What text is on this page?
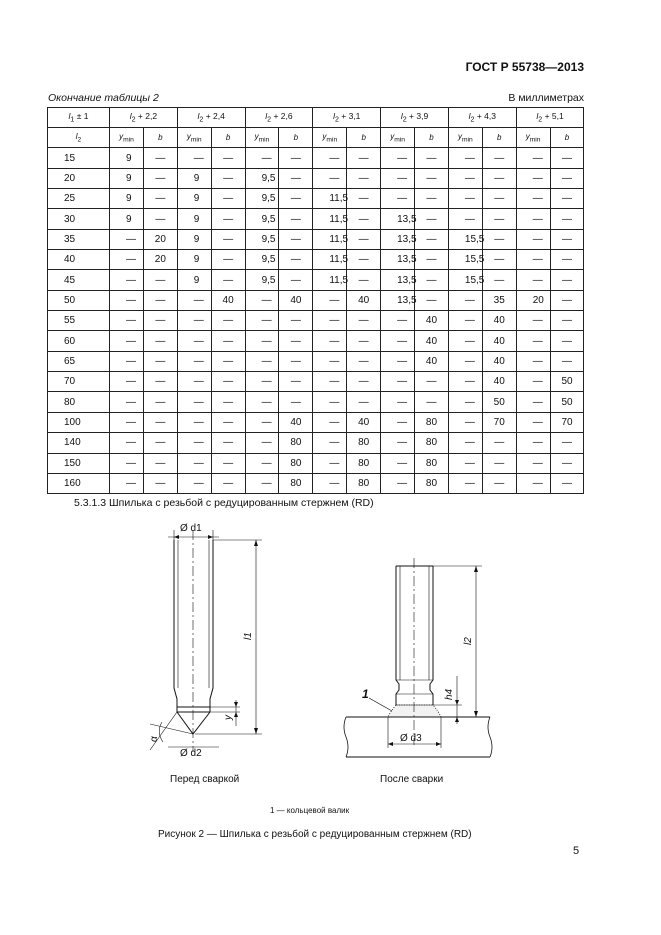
ГОСТ Р 55738—2013
Окончание таблицы 2	В миллиметрах
$l_1 \pm 1$	$l_2 + 2,2$		$l_2 + 2,4$		$l_2 + 2,6$		$l_2 + 3,1$		$l_2 + 3,9$		$l_2 + 4,3$		$l_2 + 5,1$	
$l_2$	$y_{min}$	b	$y_{min}$	b	$y_{min}$	b	$y_{min}$	b	$y_{min}$	b	$y_{min}$	b	$y_{min}$	b
15	9	—	—	—	—	—	—	—	—	—	—	—	—	—
20	9	—	9	—	9,5	—	—	—	—	—	—	—	—	—
25	9	—	9	—	9,5	—	11,5	—	—	—	—	—	—	—
30	9	—	9	—	9,5	—	11,5	—	13,5	—	—	—	—	—
35	—	20	9	—	9,5	—	11,5	—	13,5	—	15,5	—	—	—
40	—	20	9	—	9,5	—	11,5	—	13,5	—	15,5	—	—	—
45	—	—	9	—	9,5	—	11,5	—	13,5	—	15,5	—	—	—
50	—	—	—	40	—	40	—	40	13,5	—	—	35	20	—
55	—	—	—	—	—	—	—	—	—	40	—	40	—	—
60	—	—	—	—	—	—	—	—	—	40	—	40	—	—
65	—	—	—	—	—	—	—	—	—	40	—	40	—	—
70	—	—	—	—	—	—	—	—	—	—	—	40	—	50
80	—	—	—	—	—	—	—	—	—	—	—	50	—	50
100	—	—	—	—	—	40	—	40	—	80	—	70	—	70
140	—	—	—	—	—	80	—	80	—	80	—	—	—	—
150	—	—	—	—	—	80	—	80	—	80	—	—	—	—
160	—	—	—	—	—	80	—	80	—	80	—	—	—	—
5.3.1.3 Шпилька с резьбой с редуцированным стержнем (RD)
Ø d1
l1
y
α
Ø d2
l2
h4
Ø d3
1
Перед сваркой	После сварки
1 — кольцевой валик
Рисунок 2 — Шпилька с резьбой с редуцированным стержнем (RD)
5
